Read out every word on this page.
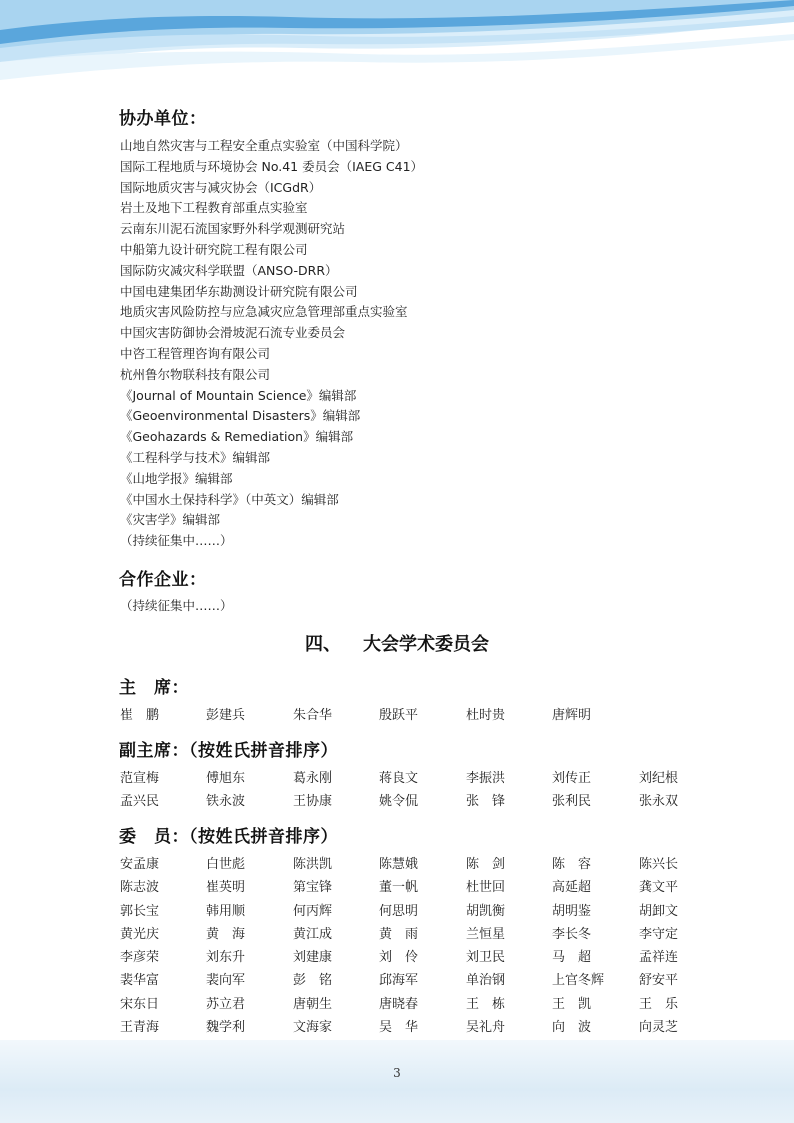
协办单位：
山地自然灾害与工程安全重点实验室（中国科学院）
国际工程地质与环境协会 No.41 委员会（IAEG C41）
国际地质灾害与减灾协会（ICGdR）
岩土及地下工程教育部重点实验室
云南东川泥石流国家野外科学观测研究站
中船第九设计研究院工程有限公司
国际防灾减灾科学联盟（ANSO-DRR）
中国电建集团华东勘测设计研究院有限公司
地质灾害风险防控与应急减灾应急管理部重点实验室
中国灾害防御协会滑坡泥石流专业委员会
中咨工程管理咨询有限公司
杭州鲁尔物联科技有限公司
《Journal of Mountain Science》编辑部
《Geoenvironmental Disasters》编辑部
《Geohazards & Remediation》编辑部
《工程科学与技术》编辑部
《山地学报》编辑部
《中国水土保持科学》（中英文）编辑部
《灾害学》编辑部
（持续征集中……）
合作企业：
（持续征集中……）
四、 大会学术委员会
主　席：
崔　鹏	彭建兵	朱合华	殷跃平	杜时贵	唐辉明
副主席：（按姓氏拼音排序）
范宣梅	傅旭东	葛永刚	蒋良文	李振洪	刘传正	刘纪根
孟兴民	铁永波	王协康	姚令侃	张　锋	张利民	张永双
委　员：（按姓氏拼音排序）
安孟康	白世彪	陈洪凯	陈慧娥	陈　剑	陈　容	陈兴长
陈志波	崔英明	第宝锋	董一帆	杜世回	高延超	龚文平
郭长宝	韩用顺	何丙辉	何思明	胡凯衡	胡明鉴	胡卸文
黄光庆	黄　海	黄江成	黄　雨	兰恒星	李长冬	李守定
李彦荣	刘东升	刘建康	刘　伶	刘卫民	马　超	孟祥连
裴华富	裴向军	彭　铭	邱海军	单治钢	上官冬辉	舒安平
宋东日	苏立君	唐朝生	唐晓春	王　栋	王　凯	王　乐
王青海	魏学利	文海家	吴　华	吴礼舟	向　波	向灵芝
3
